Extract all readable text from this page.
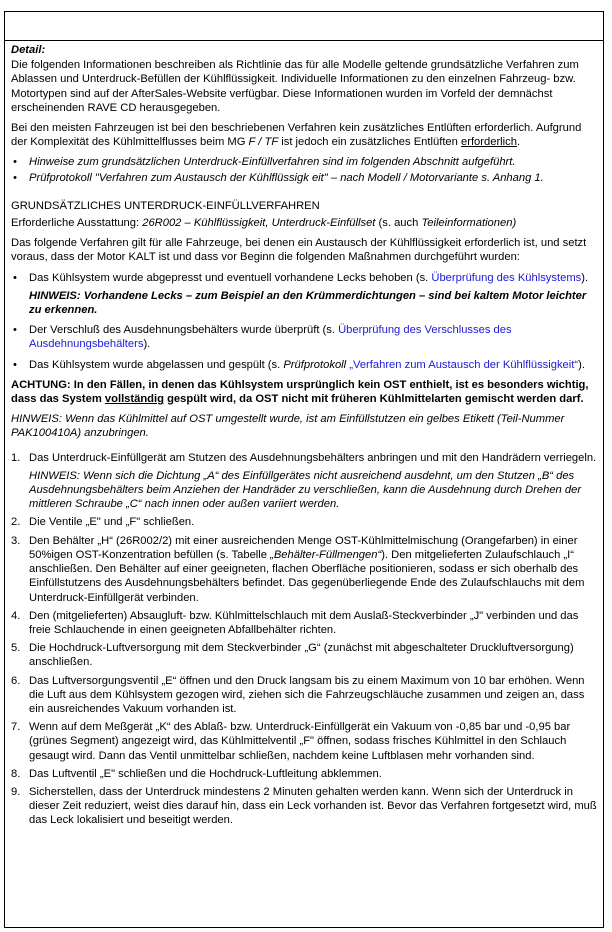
Detail:

Die folgenden Informationen beschreiben als Richtlinie das für alle Modelle geltende grundsätzliche Verfahren zum Ablassen und Unterdruck-Befüllen der Kühlflüssigkeit. Individuelle Informationen zu den einzelnen Fahrzeug- bzw. Motortypen sind auf der AfterSales-Website verfügbar. Diese Informationen wurden im Vorfeld der demnächst erscheinenden RAVE CD herausgegeben.

Bei den meisten Fahrzeugen ist bei den beschriebenen Verfahren kein zusätzliches Entlüften erforderlich. Aufgrund der Komplexität des Kühlmittelflusses beim MG F / TF ist jedoch ein zusätzliches Entlüften erforderlich.

• Hinweise zum grundsätzlichen Unterdruck-Einfüllverfahren sind im folgenden Abschnitt aufgeführt.
• Prüfprotokoll "Verfahren zum Austausch der Kühlflüssigk eit" – nach Modell / Motorvariante s. Anhang 1.

GRUNDSÄTZLICHES UNTERDRUCK-EINFÜLLVERFAHREN

Erforderliche Ausstattung: 26R002 – Kühlflüssigkeit, Unterdruck-Einfüllset (s. auch Teileinformationen)

Das folgende Verfahren gilt für alle Fahrzeuge, bei denen ein Austausch der Kühlflüssigkeit erforderlich ist, und setzt voraus, dass der Motor KALT ist und dass vor Beginn die folgenden Maßnahmen durchgeführt wurden:

• Das Kühlsystem wurde abgepresst und eventuell vorhandene Lecks behoben (s. Überprüfung des Kühlsystems).
HINWEIS: Vorhandene Lecks – zum Beispiel an den Krümmerdichtungen – sind bei kaltem Motor leichter zu erkennen.
• Der Verschluß des Ausdehnungsbehälters wurde überprüft (s. Überprüfung des Verschlusses des Ausdehnungsbehälters).
• Das Kühlsystem wurde abgelassen und gespült (s. Prüfprotokoll „Verfahren zum Austausch der Kühlflüssigkeit“).

ACHTUNG: In den Fällen, in denen das Kühlsystem ursprünglich kein OST enthielt, ist es besonders wichtig, dass das System vollständig gespült wird, da OST nicht mit früheren Kühlmittelarten gemischt werden darf.

HINWEIS: Wenn das Kühlmittel auf OST umgestellt wurde, ist am Einfüllstutzen ein gelbes Etikett (Teil-Nummer PAK100410A) anzubringen.

1. Das Unterdruck-Einfüllgerät am Stutzen des Ausdehnungsbehälters anbringen und mit den Handrädern verriegeln.
HINWEIS: Wenn sich die Dichtung „A“ des Einfüllgerätes nicht ausreichend ausdehnt, um den Stutzen „B“ des Ausdehnungsbehälters beim Anziehen der Handräder zu verschließen, kann die Ausdehnung durch Drehen der mittleren Schraube „C“ nach innen oder außen variiert werden.
2. Die Ventile „E" und „F" schließen.
3. Den Behälter „H“ (26R002/2) mit einer ausreichenden Menge OST-Kühlmittelmischung (Orangefarben) in einer 50%igen OST-Konzentration befüllen (s. Tabelle „Behälter-Füllmengen“). Den mitgelieferten Zulaufschlauch „I“ anschließen. Den Behälter auf einer geeigneten, flachen Oberfläche positionieren, sodass er sich oberhalb des Einfüllstutzens des Ausdehnungsbehälters befindet. Das gegenüberliegende Ende des Zulaufschlauchs mit dem Unterdruck-Einfüllgerät verbinden.
4. Den (mitgelieferten) Absaugluft- bzw. Kühlmittelschlauch mit dem Auslaß-Steckverbinder „J" verbinden und das freie Schlauchende in einen geeigneten Abfallbehälter richten.
5. Die Hochdruck-Luftversorgung mit dem Steckverbinder „G“ (zunächst mit abgeschalteter Druckluftversorgung) anschließen.
6. Das Luftversorgungsventil „E“ öffnen und den Druck langsam bis zu einem Maximum von 10 bar erhöhen. Wenn die Luft aus dem Kühlsystem gezogen wird, ziehen sich die Fahrzeugschläuche zusammen und zeigen an, dass ein ausreichendes Vakuum vorhanden ist.
7. Wenn auf dem Meßgerät „K“ des Ablaß- bzw. Unterdruck-Einfüllgerät ein Vakuum von -0,85 bar und -0,95 bar (grünes Segment) angezeigt wird, das Kühlmittelventil „F" öffnen, sodass frisches Kühlmittel in den Schlauch gesaugt wird. Dann das Ventil unmittelbar schließen, nachdem keine Luftblasen mehr vorhanden sind.
8. Das Luftventil „E" schließen und die Hochdruck-Luftleitung abklemmen.
9. Sicherstellen, dass der Unterdruck mindestens 2 Minuten gehalten werden kann. Wenn sich der Unterdruck in dieser Zeit reduziert, weist dies darauf hin, dass ein Leck vorhanden ist. Bevor das Verfahren fortgesetzt wird, muß das Leck lokalisiert und beseitigt werden.
